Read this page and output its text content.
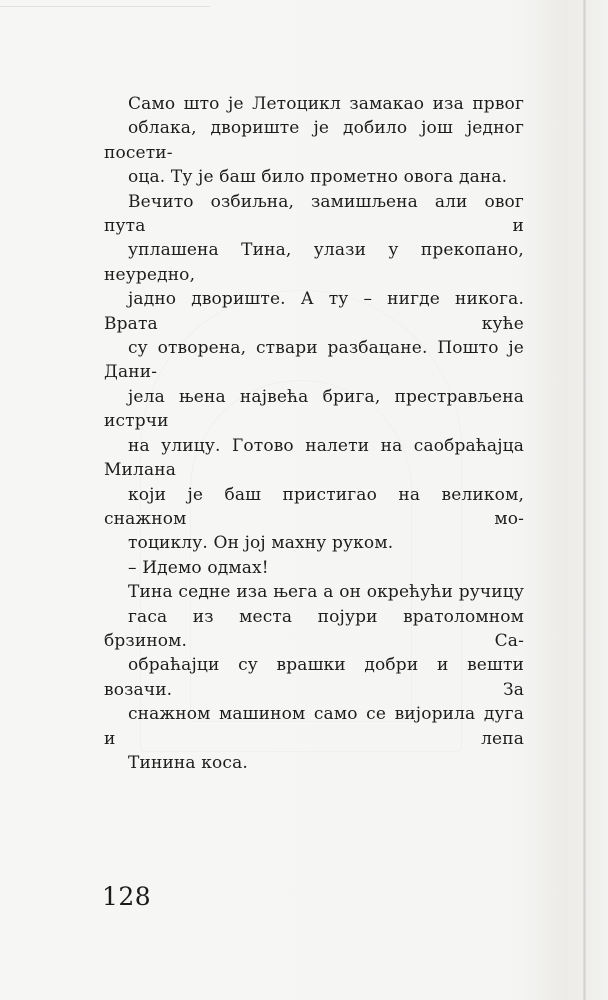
Само што је Летоцикл замакао иза првог
облака, двориште је добило још једног посети-
оца. Ту је баш било прометно овога дана.

Вечито озбиљна, замишљена али овог пута и
уплашена Тина, улази у прекопано, неуредно,
јадно двориште. А ту – нигде никога. Врата куће
су отворена, ствари разбацане. Пошто је Дани-
јела њена највећа брига, престрављена истрчи
на улицу. Готово налети на саобраћајца Милана
који је баш пристигао на великом, снажном мо-
тоциклу. Он јој махну руком.

– Идемо одмах!

Тина седне иза њега а он окрећући ручицу
гаса из места појури вратоломном брзином. Са-
обраћајци су врашки добри и вешти возачи. За
снажном машином само се вијорила дуга и лепа
Тинина коса.

128
